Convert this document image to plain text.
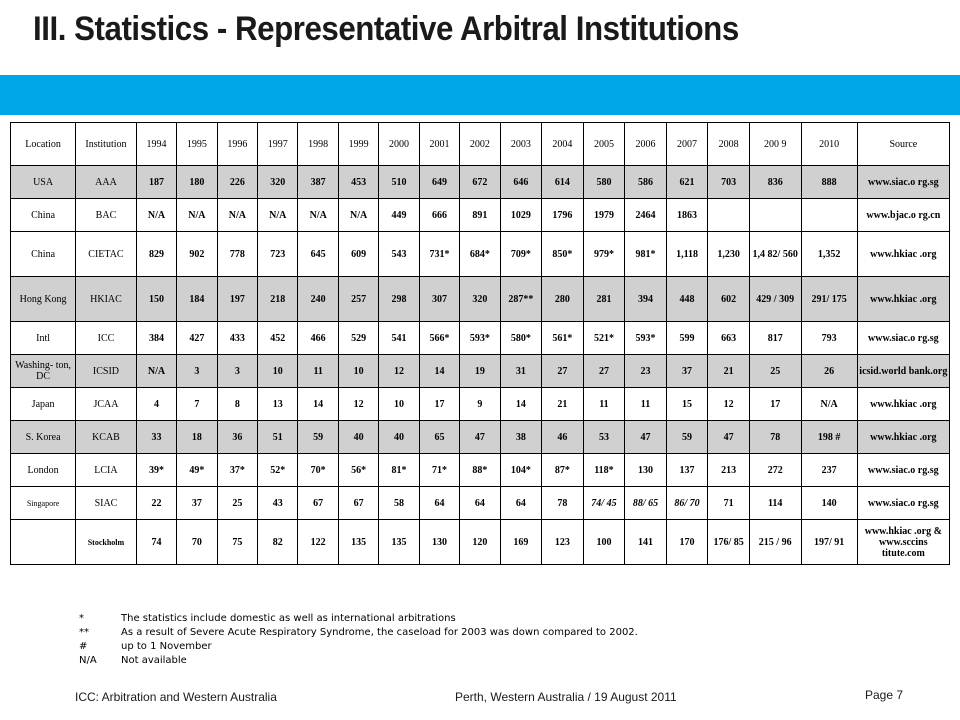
III. Statistics - Representative Arbitral Institutions
Location	Institution	1994	1995	1996	1997	1998	1999	2000	2001	2002	2003	2004	2005	2006	2007	2008	200 9	2010	Source
USA	AAA	187	180	226	320	387	453	510	649	672	646	614	580	586	621	703	836	888	www.siac.o rg.sg
China	BAC	N/A	N/A	N/A	N/A	N/A	N/A	449	666	891	1029	1796	1979	2464	1863				www.bjac.o rg.cn
China	CIETAC	829	902	778	723	645	609	543	731*	684*	709*	850*	979*	981*	1,118	1,230	1,4 82/ 560	1,352	www.hkiac .org
Hong Kong	HKIAC	150	184	197	218	240	257	298	307	320	287**	280	281	394	448	602	429 / 309	291/ 175	www.hkiac .org
Intl	ICC	384	427	433	452	466	529	541	566*	593*	580*	561*	521*	593*	599	663	817	793	www.siac.o rg.sg
Washing- ton, DC	ICSID	N/A	3	3	10	11	10	12	14	19	31	27	27	23	37	21	25	26	icsid.world bank.org
Japan	JCAA	4	7	8	13	14	12	10	17	9	14	21	11	11	15	12	17	N/A	www.hkiac .org
S. Korea	KCAB	33	18	36	51	59	40	40	65	47	38	46	53	47	59	47	78	198 #	www.hkiac .org
London	LCIA	39*	49*	37*	52*	70*	56*	81*	71*	88*	104*	87*	118*	130	137	213	272	237	www.siac.o rg.sg
Singapore	SIAC	22	37	25	43	67	67	58	64	64	64	78	74/ 45	88/ 65	86/ 70	71	114	140	www.siac.o rg.sg
	Stockholm	74	70	75	82	122	135	135	130	120	169	123	100	141	170	176/ 85	215 / 96	197/ 91	www.hkiac .org & www.sccins titute.com
*	The statistics include domestic as well as international arbitrations
**	As a result of Severe Acute Respiratory Syndrome, the caseload for 2003 was down compared to 2002.
#	up to 1 November
N/A	Not available
ICC: Arbitration and Western Australia	Perth, Western Australia / 19 August 2011	Page 7
